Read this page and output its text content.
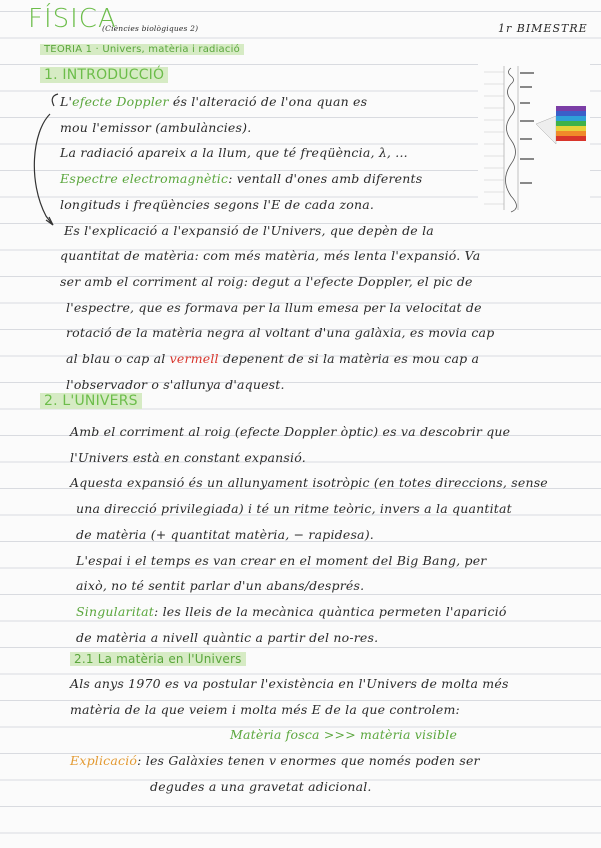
FÍSICA
(Ciències biològiques 2)	1r BIMESTRE
TEORIA 1 · Univers, matèria i radiació
1. INTRODUCCIÓ
L'efecte Doppler és l'alteració de l'ona quan es
mou l'emissor (ambulàncies).
La radiació apareix a la llum, que té freqüència, λ, ...
Espectre electromagnètic: ventall d'ones amb diferents
longituds i freqüències segons l'E de cada zona.
Es l'explicació a l'expansió de l'Univers, que depèn de la
quantitat de matèria: com més matèria, més lenta l'expansió. Va
ser amb el corriment al roig: degut a l'efecte Doppler, el pic de
l'espectre, que es formava per la llum emesa per la velocitat de
rotació de la matèria negra al voltant d'una galàxia, es movia cap
al blau o cap al vermell depenent de si la matèria es mou cap a
l'observador o s'allunya d'aquest.
2. L'UNIVERS
Amb el corriment al roig (efecte Doppler òptic) es va descobrir que
l'Univers està en constant expansió.
Aquesta expansió és un allunyament isotròpic (en totes direccions, sense
una direcció privilegiada) i té un ritme teòric, invers a la quantitat
de matèria (+ quantitat matèria, − rapidesa).
L'espai i el temps es van crear en el moment del Big Bang, per
això, no té sentit parlar d'un abans/després.
Singularitat: les lleis de la mecànica quàntica permeten l'aparició
de matèria a nivell quàntic a partir del no-res.
2.1 La matèria en l'Univers
Als anys 1970 es va postular l'existència en l'Univers de molta més
matèria de la que veiem i molta més E de la que controlem:
Matèria fosca >>> matèria visible
Explicació: les Galàxies tenen v enormes que només poden ser
degudes a una gravetat adicional.
